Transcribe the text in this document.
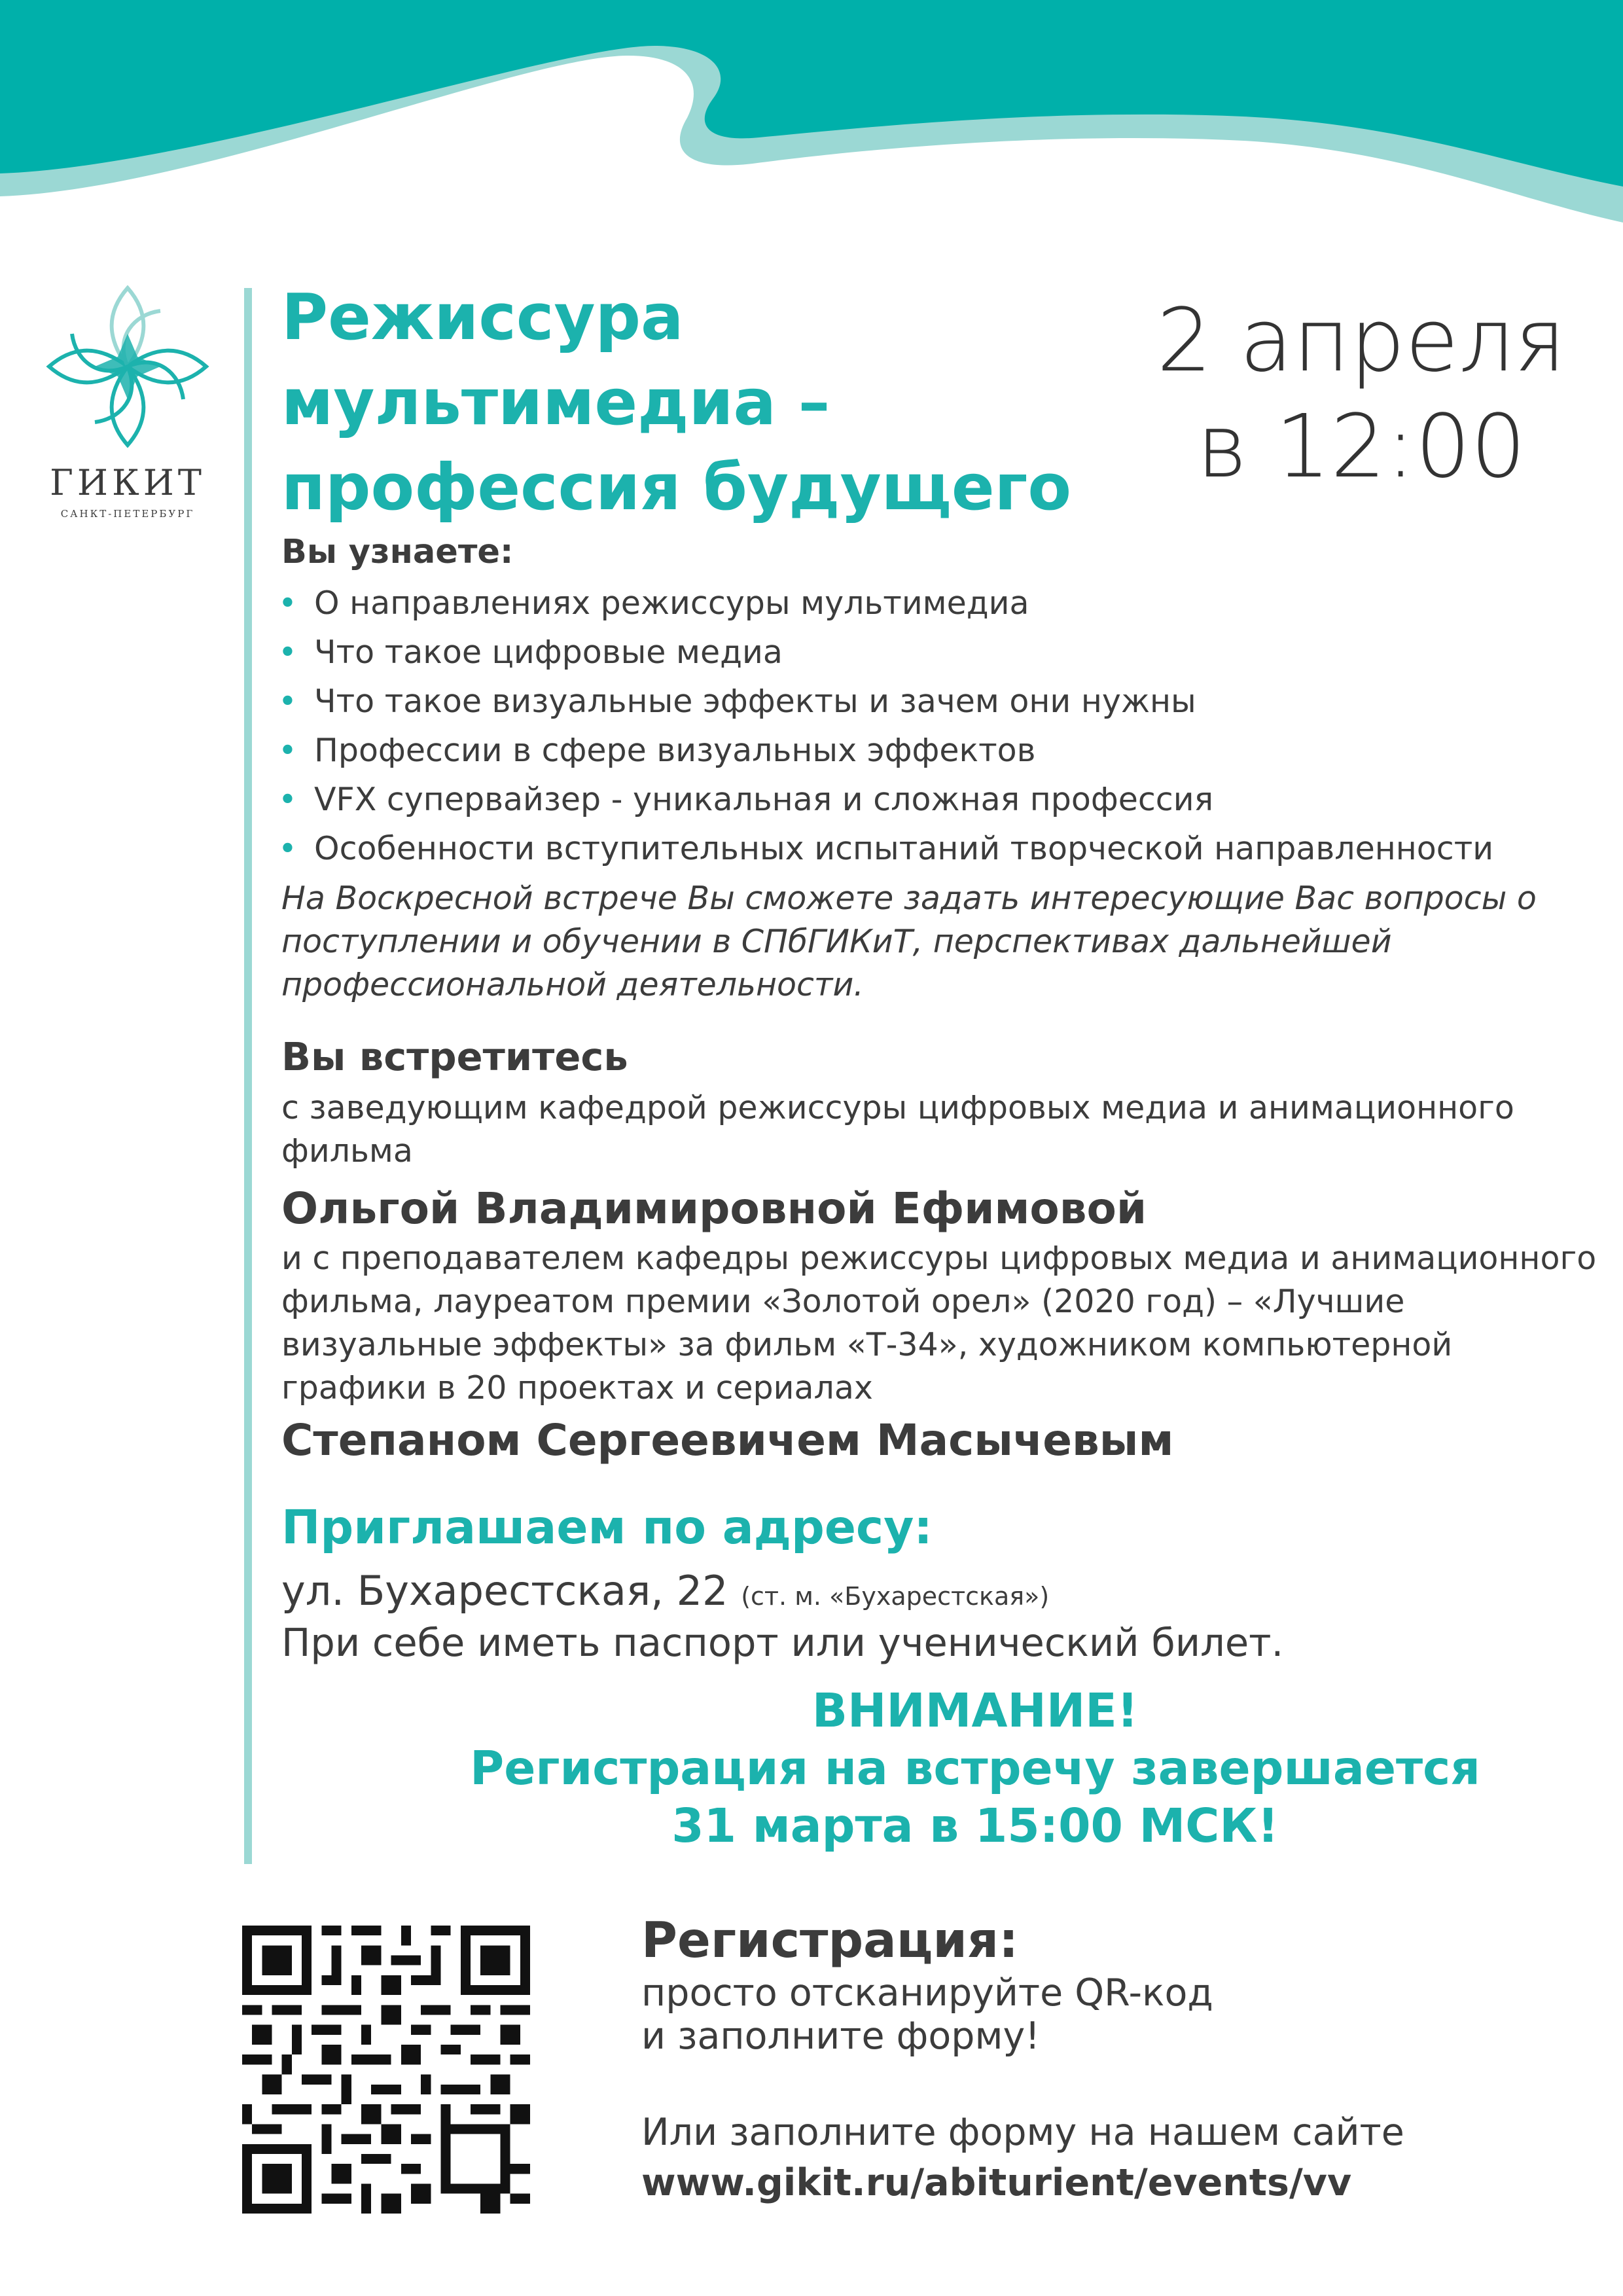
ГИКИТ
САНКТ-ПЕТЕРБУРГ
Режиссура
мультимедиа –
профессия будущего
2 апреля
в 12:00
Вы узнаете:
• О направлениях режиссуры мультимедиа
• Что такое цифровые медиа
• Что такое визуальные эффекты и зачем они нужны
• Профессии в сфере визуальных эффектов
• VFX супервайзер - уникальная и сложная профессия
• Особенности вступительных испытаний творческой направленности
На Воскресной встрече Вы сможете задать интересующие Вас вопросы о поступлении и обучении в СПбГИКиТ, перспективах дальнейшей профессиональной деятельности.
Вы встретитесь
с заведующим кафедрой режиссуры цифровых медиа и анимационного фильма
Ольгой Владимировной Ефимовой
и с преподавателем кафедры режиссуры цифровых медиа и анимационного фильма, лауреатом премии «Золотой орел» (2020 год) – «Лучшие визуальные эффекты» за фильм «Т-34», художником компьютерной графики в 20 проектах и сериалах
Степаном Сергеевичем Масычевым
Приглашаем по адресу:
ул. Бухарестская, 22 (ст. м. «Бухарестская»)
При себе иметь паспорт или ученический билет.
ВНИМАНИЕ!
Регистрация на встречу завершается
31 марта в 15:00 МСК!
Регистрация:
просто отсканируйте QR-код
и заполните форму!
Или заполните форму на нашем сайте
www.gikit.ru/abiturient/events/vv
